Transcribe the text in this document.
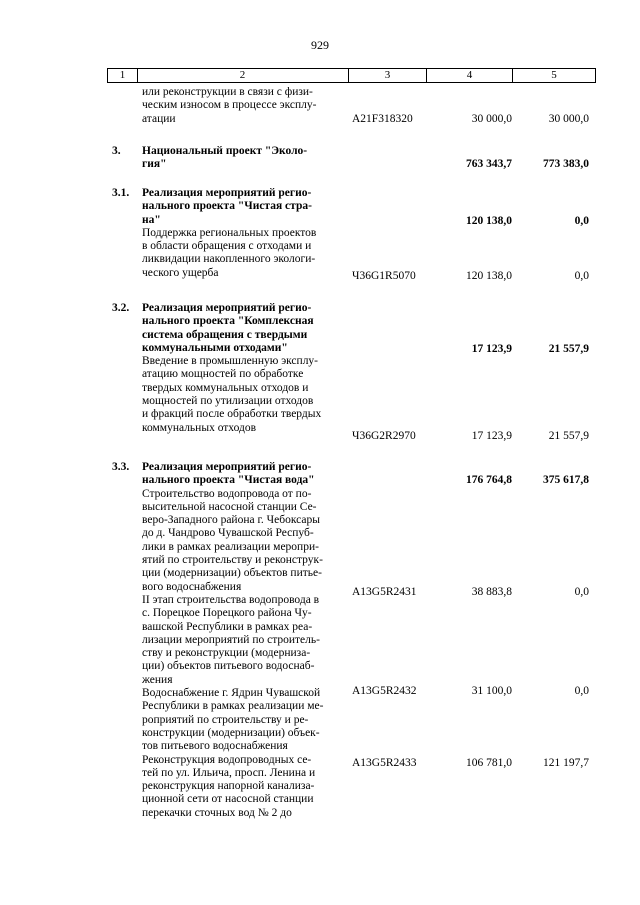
929
1	2	3	4	5
или реконструкции в связи с физи-
ческим износом в процессе эксплу-
атации	A21F318320	30 000,0	30 000,0
3.	Национальный проект "Эколо-
гия"	763 343,7	773 383,0
3.1.	Реализация мероприятий регио-
нального проекта "Чистая стра-
на"
Поддержка региональных проектов
в области обращения с отходами и
ликвидации накопленного экологи-
ческого ущерба
120 138,0	0,0
Ч36G1R5070	120 138,0	0,0
3.2.	Реализация мероприятий регио-
нального проекта "Комплексная
система обращения с твердыми
коммунальными отходами"
Введение в промышленную эксплу-
атацию мощностей по обработке
твердых коммунальных отходов и
мощностей по утилизации отходов
и фракций после обработки твердых
коммунальных отходов
17 123,9	21 557,9
Ч36G2R2970	17 123,9	21 557,9
3.3.	Реализация мероприятий регио-
нального проекта "Чистая вода"
Строительство водопровода от по-
высительной насосной станции Се-
веро-Западного района г. Чебоксары
до д. Чандрово Чувашской Респуб-
лики в рамках реализации меропри-
ятий по строительству и реконструк-
ции (модернизации) объектов питье-
вого водоснабжения
II этап строительства водопровода в
с. Порецкое Порецкого района Чу-
вашской Республики в рамках реа-
лизации мероприятий по строитель-
ству и реконструкции (модерниза-
ции) объектов питьевого водоснаб-
жения
Водоснабжение г. Ядрин Чувашской
Республики в рамках реализации ме-
роприятий по строительству и ре-
конструкции (модернизации) объек-
тов питьевого водоснабжения
Реконструкция водопроводных се-
тей по ул. Ильича, просп. Ленина и
реконструкция напорной канализа-
ционной сети от насосной станции
перекачки сточных вод № 2 до
176 764,8	375 617,8
A13G5R2431	38 883,8	0,0
A13G5R2432	31 100,0	0,0
A13G5R2433	106 781,0	121 197,7
